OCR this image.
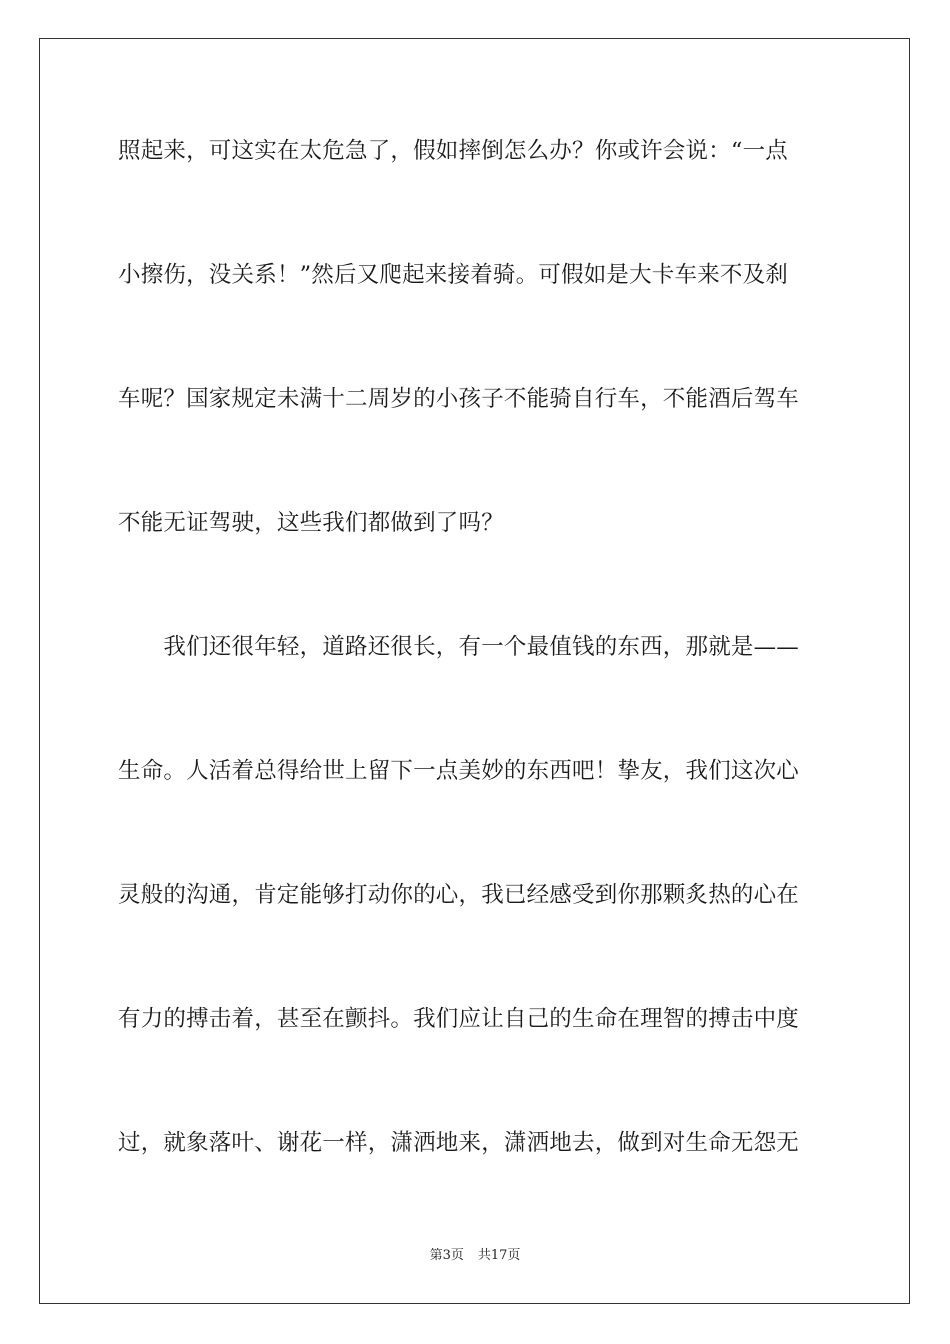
照起来，可这实在太危急了，假如摔倒怎么办？你或许会说：“一点
小擦伤，没关系！”然后又爬起来接着骑。可假如是大卡车来不及刹
车呢？国家规定未满十二周岁的小孩子不能骑自行车，不能酒后驾车
不能无证驾驶，这些我们都做到了吗？
　　我们还很年轻，道路还很长，有一个最值钱的东西，那就是——
生命。人活着总得给世上留下一点美妙的东西吧！挚友，我们这次心
灵般的沟通，肯定能够打动你的心，我已经感受到你那颗炙热的心在
有力的搏击着，甚至在颤抖。我们应让自己的生命在理智的搏击中度
过，就象落叶、谢花一样，潇洒地来，潇洒地去，做到对生命无怨无
第3页 共17页
